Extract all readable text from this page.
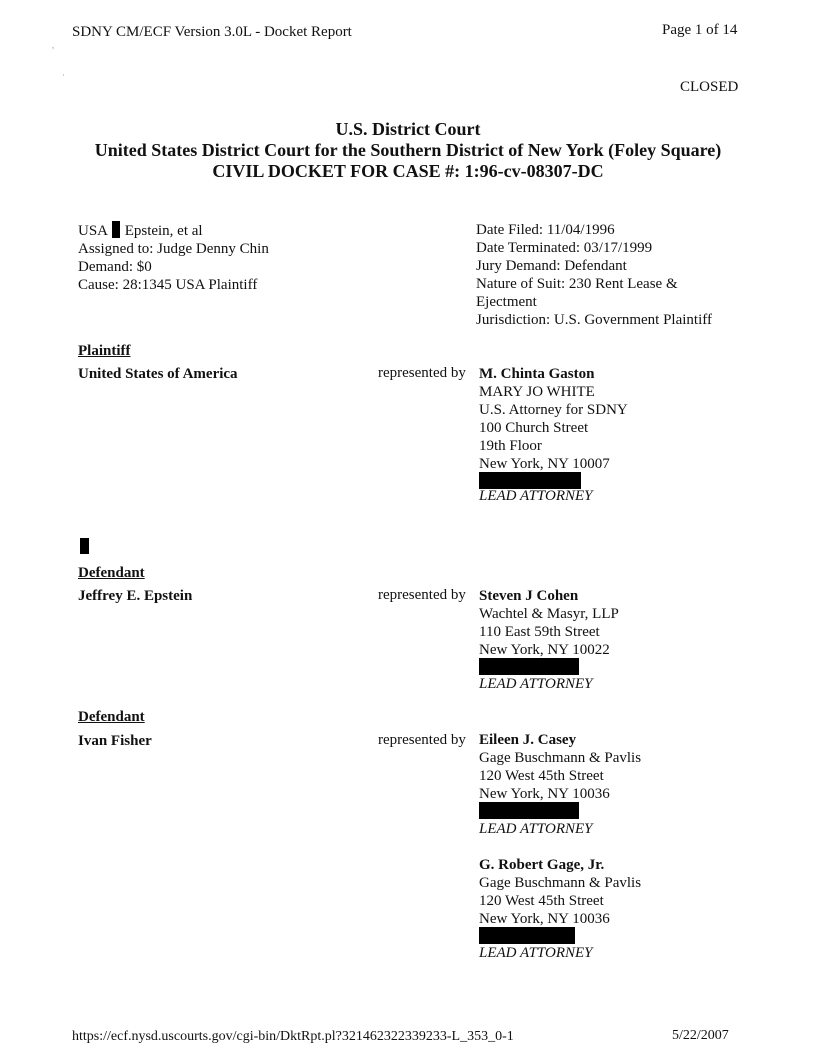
SDNY CM/ECF Version 3.0L - Docket Report	Page 1 of 14
CLOSED
,
·
U.S. District Court
United States District Court for the Southern District of New York (Foley Square)
CIVIL DOCKET FOR CASE #: 1:96-cv-08307-DC
USA Epstein, et al
Assigned to: Judge Denny Chin
Demand: $0
Cause: 28:1345 USA Plaintiff
Date Filed: 11/04/1996
Date Terminated: 03/17/1999
Jury Demand: Defendant
Nature of Suit: 230 Rent Lease &
Ejectment
Jurisdiction: U.S. Government Plaintiff
Plaintiff
United States of America	represented by M. Chinta Gaston
MARY JO WHITE
U.S. Attorney for SDNY
100 Church Street
19th Floor
New York, NY 10007
LEAD ATTORNEY
Defendant
Jeffrey E. Epstein	represented by Steven J Cohen
Wachtel & Masyr, LLP
110 East 59th Street
New York, NY 10022
LEAD ATTORNEY
Defendant
Ivan Fisher	represented by Eileen J. Casey
Gage Buschmann & Pavlis
120 West 45th Street
New York, NY 10036
LEAD ATTORNEY
G. Robert Gage, Jr.
Gage Buschmann & Pavlis
120 West 45th Street
New York, NY 10036
LEAD ATTORNEY
https://ecf.nysd.uscourts.gov/cgi-bin/DktRpt.pl?321462322339233-L_353_0-1	5/22/2007
